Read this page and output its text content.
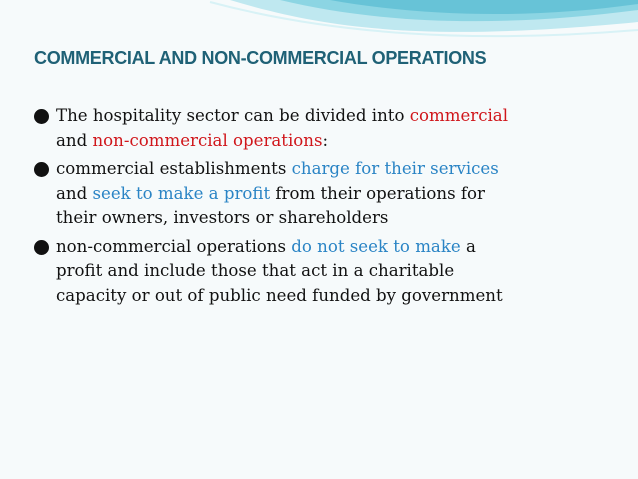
COMMERCIAL AND NON-COMMERCIAL OPERATIONS
The hospitality sector can be divided into commercial
and non-commercial operations:
commercial establishments charge for their services
and seek to make a profit from their operations for
their owners, investors or shareholders
non-commercial operations do not seek to make a
profit and include those that act in a charitable
capacity or out of public need funded by government
